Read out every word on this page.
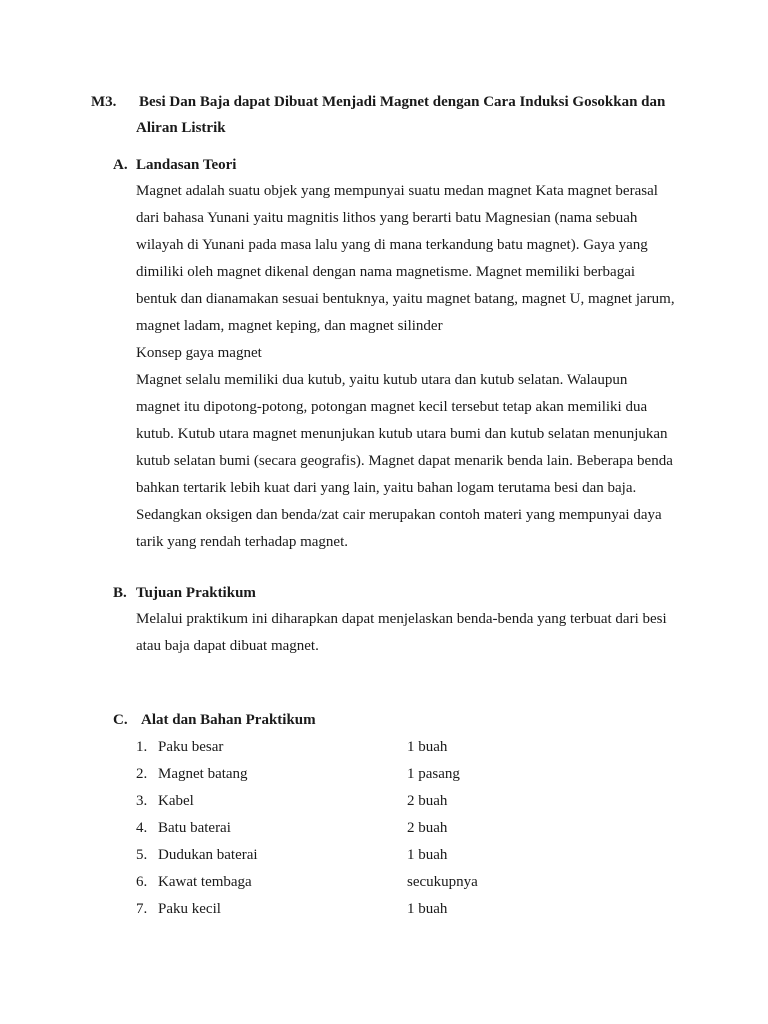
M3. Besi Dan Baja dapat Dibuat Menjadi Magnet dengan Cara Induksi Gosokkan dan
Aliran Listrik
A. Landasan Teori
Magnet adalah suatu objek yang mempunyai suatu medan magnet Kata magnet berasal
dari bahasa Yunani yaitu magnitis lithos yang berarti batu Magnesian (nama sebuah
wilayah di Yunani pada masa lalu yang di mana terkandung batu magnet). Gaya yang
dimiliki oleh magnet dikenal dengan nama magnetisme. Magnet memiliki berbagai
bentuk dan dianamakan sesuai bentuknya, yaitu magnet batang, magnet U, magnet jarum,
magnet ladam, magnet keping, dan magnet silinder
Konsep gaya magnet
Magnet selalu memiliki dua kutub, yaitu kutub utara dan kutub selatan. Walaupun
magnet itu dipotong-potong, potongan magnet kecil tersebut tetap akan memiliki dua
kutub. Kutub utara magnet menunjukan kutub utara bumi dan kutub selatan menunjukan
kutub selatan bumi (secara geografis). Magnet dapat menarik benda lain. Beberapa benda
bahkan tertarik lebih kuat dari yang lain, yaitu bahan logam terutama besi dan baja.
Sedangkan oksigen dan benda/zat cair merupakan contoh materi yang mempunyai daya
tarik yang rendah terhadap magnet.
B. Tujuan Praktikum
Melalui praktikum ini diharapkan dapat menjelaskan benda-benda yang terbuat dari besi
atau baja dapat dibuat magnet.
C. Alat dan Bahan Praktikum
1. Paku besar	1 buah
2. Magnet batang	1 pasang
3. Kabel	2 buah
4. Batu baterai	2 buah
5. Dudukan baterai	1 buah
6. Kawat tembaga	secukupnya
7. Paku kecil	1 buah
